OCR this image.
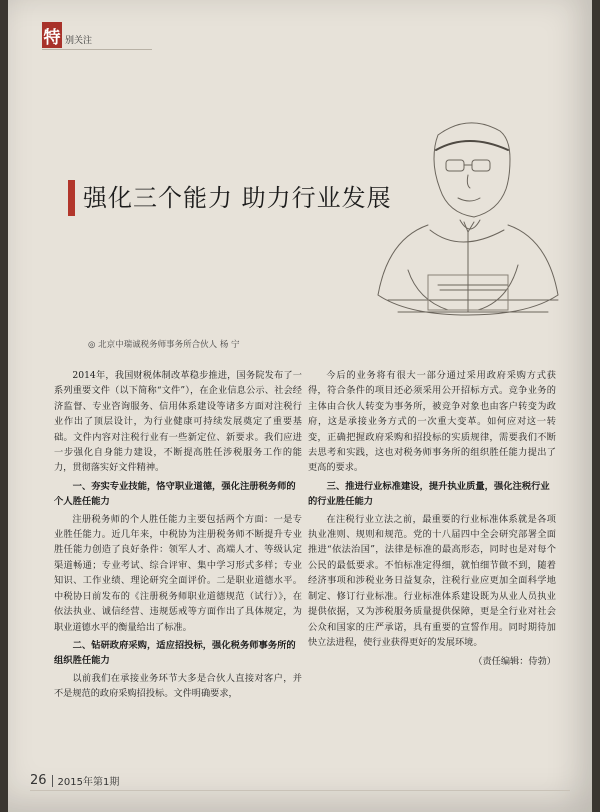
特 别关注
强化三个能力 助力行业发展
◎ 北京中瑞诚税务师事务所合伙人 杨 宁

2014年，我国财税体制改革稳步推进，国务院发布了一系列重要文件（以下简称“文件”），在企业信息公示、社会经济监督、专业咨询服务、信用体系建设等诸多方面对注税行业作出了顶层设计，为行业健康可持续发展奠定了重要基础。文件内容对注税行业有一些新定位、新要求。我们应进一步强化自身能力建设，不断提高胜任涉税服务工作的能力，贯彻落实好文件精神。

一、夯实专业技能，恪守职业道德，强化注册税务师的个人胜任能力

注册税务师的个人胜任能力主要包括两个方面：一是专业胜任能力。近几年来，中税协为注册税务师不断提升专业胜任能力创造了良好条件：领军人才、高端人才、等级认定渠道畅通；专业考试、综合评审、集中学习形式多样；专业知识、工作业绩、理论研究全面评价。二是职业道德水平。中税协日前发布的《注册税务师职业道德规范（试行）》，在依法执业、诚信经营、违规惩戒等方面作出了具体规定，为职业道德水平的衡量给出了标准。

二、钻研政府采购，适应招投标，强化税务师事务所的组织胜任能力

以前我们在承接业务环节大多是合伙人直接对客户，并不是规范的政府采购招投标。文件明确要求，

今后的业务将有很大一部分通过采用政府采购方式获得，符合条件的项目还必须采用公开招标方式。竞争业务的主体由合伙人转变为事务所，被竞争对象也由客户转变为政府，这是承接业务方式的一次重大变革。如何应对这一转变，正确把握政府采购和招投标的实质规律，需要我们不断去思考和实践，这也对税务师事务所的组织胜任能力提出了更高的要求。

三、推进行业标准建设，提升执业质量，强化注税行业的行业胜任能力

在注税行业立法之前，最重要的行业标准体系就是各项执业准则、规则和规范。党的十八届四中全会研究部署全面推进“依法治国”，法律是标准的最高形态，同时也是对每个公民的最低要求。不怕标准定得细，就怕细节做不到，随着经济事项和涉税业务日益复杂，注税行业应更加全面科学地制定、修订行业标准。行业标准体系建设既为从业人员执业提供依据，又为涉税服务质量提供保障，更是全行业对社会公众和国家的庄严承诺，具有重要的宣誓作用。同时期待加快立法进程，使行业获得更好的发展环境。

（责任编辑：侍勃）

26 2015年第1期
